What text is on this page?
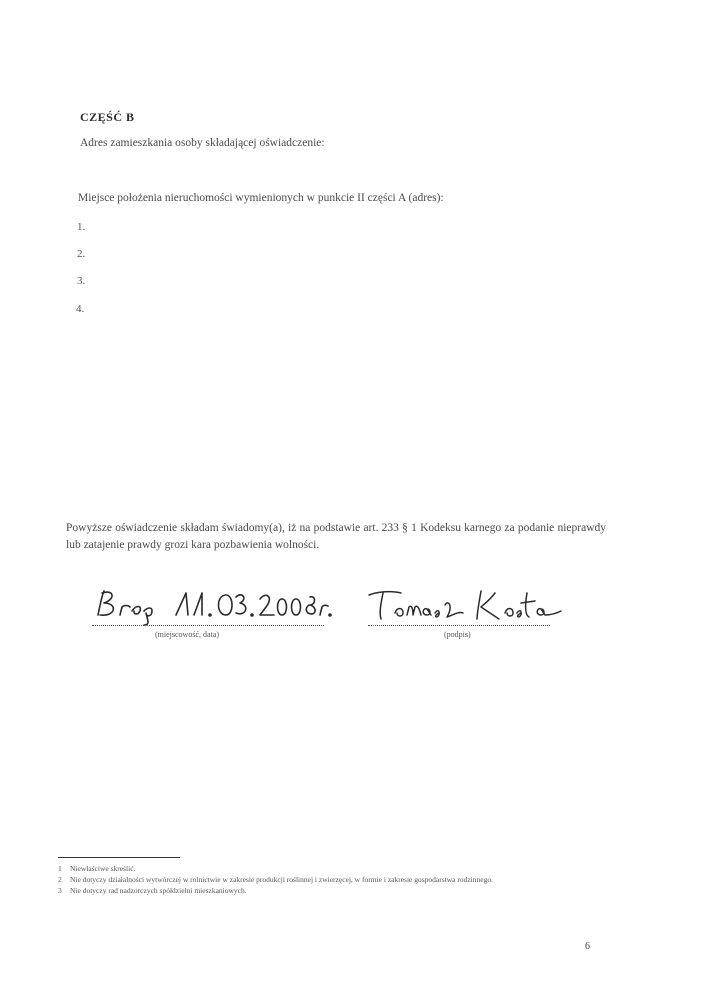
CZĘŚĆ B
Adres zamieszkania osoby składającej oświadczenie:
Miejsce położenia nieruchomości wymienionych w punkcie II części A (adres):
1.
2.
3.
4.
Powyższe oświadczenie składam świadomy(a), iż na podstawie art. 233 § 1 Kodeksu karnego za podanie nieprawdy lub zatajenie prawdy grozi kara pozbawienia wolności.
Brzeg 11.03.2008r.
(miejscowość, data)
Tomasz Kosta
(podpis)
1 Niewłaściwe skreślić.
2 Nie dotyczy działalności wytwórczej w rolnictwie w zakresie produkcji roślinnej i zwierzęcej, w formie i zakresie gospodarstwa rodzinnego.
3 Nie dotyczy rad nadzorczych spółdzielni mieszkaniowych.
6
